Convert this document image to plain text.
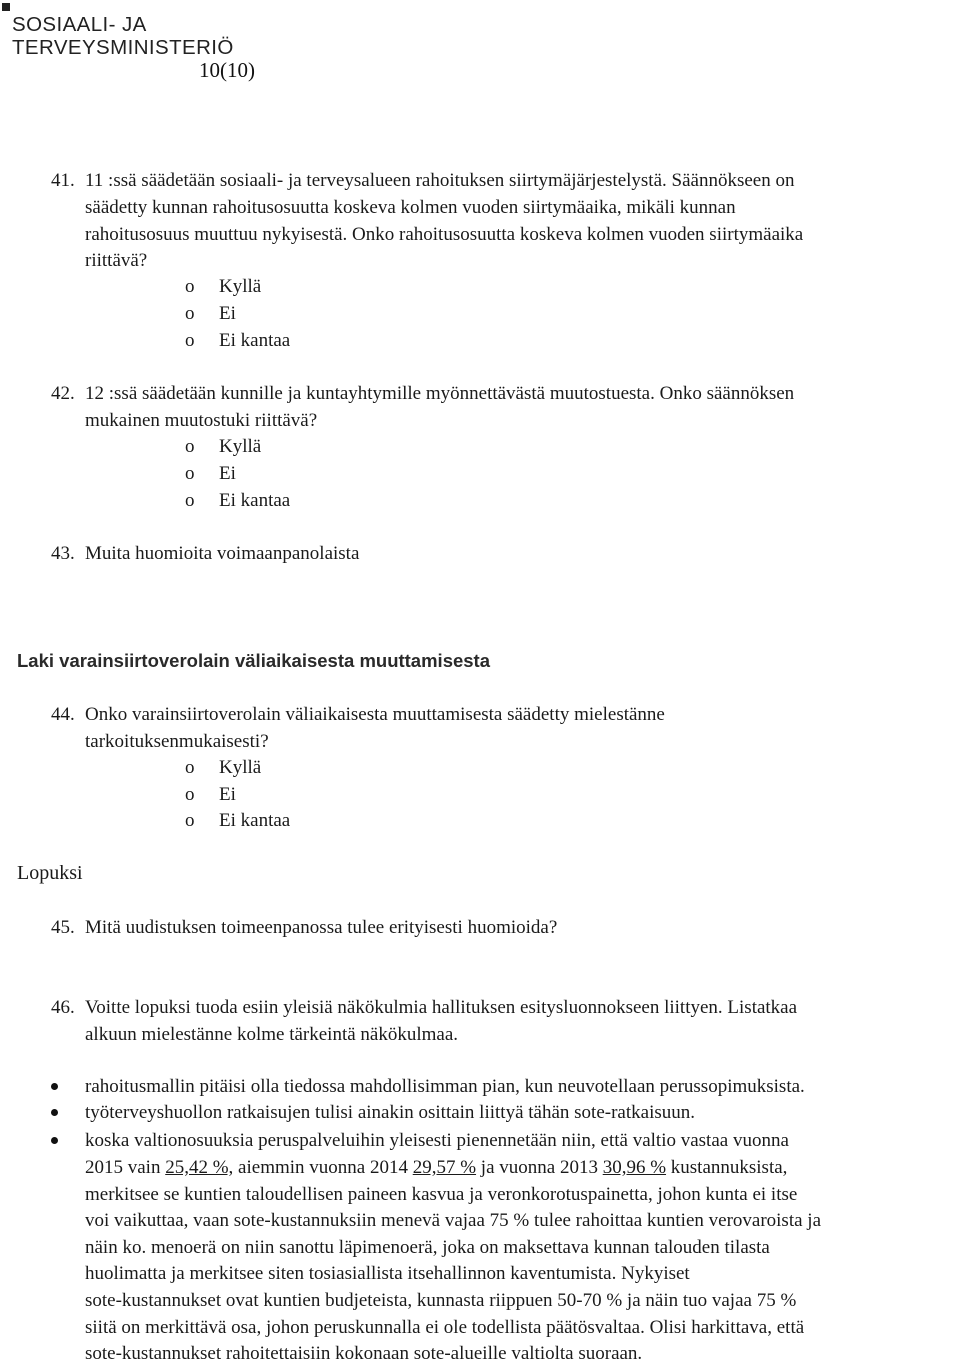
SOSIAALI- JA
TERVEYSMINISTERIÖ
10(10)
41. 11 :ssä säädetään sosiaali- ja terveysalueen rahoituksen siirtymäjärjestelystä. Säännökseen on
säädetty kunnan rahoitusosuutta koskeva kolmen vuoden siirtymäaika, mikäli kunnan
rahoitusosuus muuttuu nykyisestä. Onko rahoitusosuutta koskeva kolmen vuoden siirtymäaika
riittävä?
o Kyllä
o Ei
o Ei kantaa
42. 12 :ssä säädetään kunnille ja kuntayhtymille myönnettävästä muutostuesta. Onko säännöksen
mukainen muutostuki riittävä?
o Kyllä
o Ei
o Ei kantaa
43. Muita huomioita voimaanpanolaista
Laki varainsiirtoverolain väliaikaisesta muuttamisesta
44. Onko varainsiirtoverolain väliaikaisesta muuttamisesta säädetty mielestänne
tarkoituksenmukaisesti?
o Kyllä
o Ei
o Ei kantaa
Lopuksi
45. Mitä uudistuksen toimeenpanossa tulee erityisesti huomioida?
46. Voitte lopuksi tuoda esiin yleisiä näkökulmia hallituksen esitysluonnokseen liittyen. Listatkaa
alkuun mielestänne kolme tärkeintä näkökulmaa.
rahoitusmallin pitäisi olla tiedossa mahdollisimman pian, kun neuvotellaan perussopimuksista.
työterveyshuollon ratkaisujen tulisi ainakin osittain liittyä tähän sote-ratkaisuun.
koska valtionosuuksia peruspalveluihin yleisesti pienennetään niin, että valtio vastaa vuonna
2015 vain 25,42 %, aiemmin vuonna 2014 29,57 % ja vuonna 2013 30,96 % kustannuksista,
merkitsee se kuntien taloudellisen paineen kasvua ja veronkorotuspainetta, johon kunta ei itse
voi vaikuttaa, vaan sote-kustannuksiin menevä vajaa 75 % tulee rahoittaa kuntien verovaroista ja
näin ko. menoerä on niin sanottu läpimenoerä, joka on maksettava kunnan talouden tilasta
huolimatta ja merkitsee siten tosiasiallista itsehallinnon kaventumista. Nykyiset
sote-kustannukset ovat kuntien budjeteista, kunnasta riippuen 50-70 % ja näin tuo vajaa 75 %
siitä on merkittävä osa, johon peruskunnalla ei ole todellista päätösvaltaa. Olisi harkittava, että
sote-kustannukset rahoitettaisiin kokonaan sote-alueille valtiolta suoraan.
